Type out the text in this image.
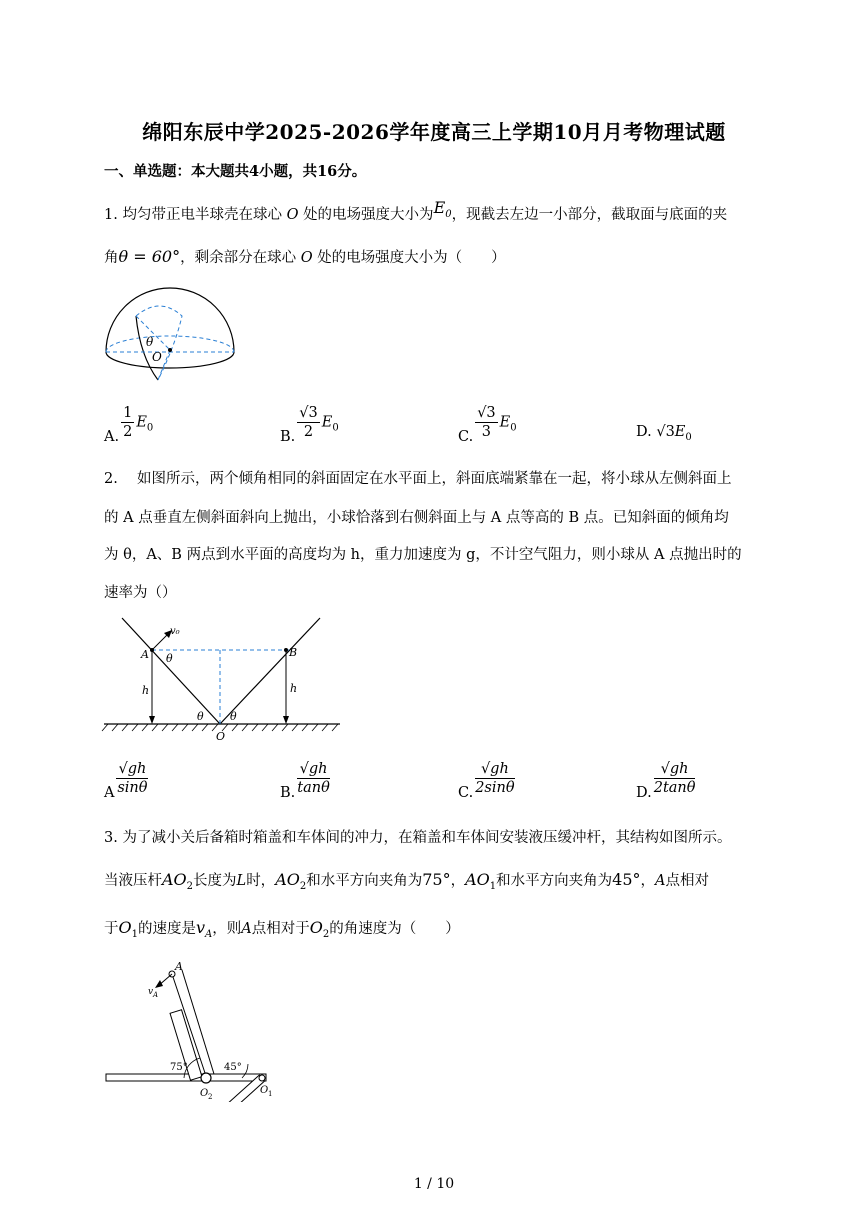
绵阳东辰中学2025-2026学年度高三上学期10月月考物理试题
一、单选题：本大题共4小题，共16分。
1. 均匀带正电半球壳在球心 O 处的电场强度大小为$E_0$，现截去左边一小部分，截取面与底面的夹
角θ = 60°，剩余部分在球心 O 处的电场强度大小为（　　）
θ
O
A. $\frac{1}{2} E_0$
B. $\frac{√3}{2} E_0$
C. $\frac{√3}{3} E_0$	D. $√3E_0$
2.　 如图所示，两个倾角相同的斜面固定在水平面上，斜面底端紧靠在一起，将小球从左侧斜面上
的 A 点垂直左侧斜面斜向上抛出，小球恰落到右侧斜面上与 A 点等高的 B 点。已知斜面的倾角均
为 θ，A、B 两点到水平面的高度均为 h，重力加速度为 g，不计空气阻力，则小球从 A 点抛出时的
速率为（）
A	B
O
h	h
θ
θ θ
v₀
A $\frac{√gh}{\sin\theta}$	B. $\frac{√gh}{\tan\theta}$	C. $\frac{√gh}{2\sin\theta}$	D. $\frac{√gh}{2\tan\theta}$
3. 为了减小关后备箱时箱盖和车体间的冲力，在箱盖和车体间安装液压缓冲杆，其结构如图所示。
当液压杆$AO_2$长度为L时，$AO_2$和水平方向夹角为75°，$AO_1$和水平方向夹角为45°，A点相对
于$O_1$的速度是$v_A$，则A点相对于$O_2$的角速度为（　　）
A
v A
75°	45°
O 2
O 1
1 / 10
